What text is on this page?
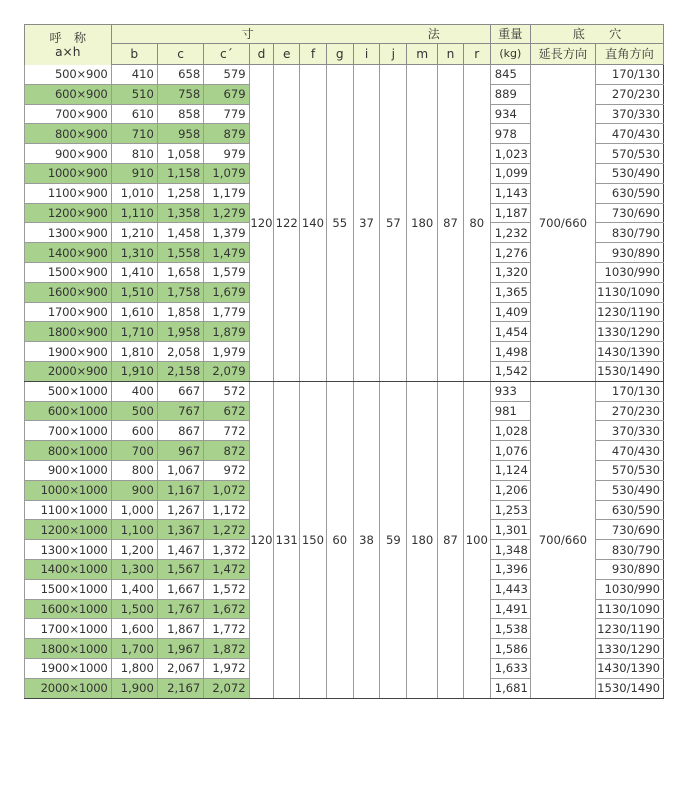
呼　称
a×h	寸 法												重量	底　　穴	
	b	c	c´	d	e	f	g	i	j	m	n	r	(kg)	延長方向	直角方向
500×900	410	658	579	120	122	140	55	37	57	180	87	80	845	700/660	170/130
600×900	510	758	679										889		270/230
700×900	610	858	779										934		370/330
800×900	710	958	879										978		470/430
900×900	810	1,058	979										1,023		570/530
1000×900	910	1,158	1,079										1,099		530/490
1100×900	1,010	1,258	1,179										1,143		630/590
1200×900	1,110	1,358	1,279										1,187		730/690
1300×900	1,210	1,458	1,379										1,232		830/790
1400×900	1,310	1,558	1,479										1,276		930/890
1500×900	1,410	1,658	1,579										1,320		1030/990
1600×900	1,510	1,758	1,679										1,365		1130/1090
1700×900	1,610	1,858	1,779										1,409		1230/1190
1800×900	1,710	1,958	1,879										1,454		1330/1290
1900×900	1,810	2,058	1,979										1,498		1430/1390
2000×900	1,910	2,158	2,079										1,542		1530/1490
500×1000	400	667	572	120	131	150	60	38	59	180	87	100	933	700/660	170/130
600×1000	500	767	672										981		270/230
700×1000	600	867	772										1,028		370/330
800×1000	700	967	872										1,076		470/430
900×1000	800	1,067	972										1,124		570/530
1000×1000	900	1,167	1,072										1,206		530/490
1100×1000	1,000	1,267	1,172										1,253		630/590
1200×1000	1,100	1,367	1,272										1,301		730/690
1300×1000	1,200	1,467	1,372										1,348		830/790
1400×1000	1,300	1,567	1,472										1,396		930/890
1500×1000	1,400	1,667	1,572										1,443		1030/990
1600×1000	1,500	1,767	1,672										1,491		1130/1090
1700×1000	1,600	1,867	1,772										1,538		1230/1190
1800×1000	1,700	1,967	1,872										1,586		1330/1290
1900×1000	1,800	2,067	1,972										1,633		1430/1390
2000×1000	1,900	2,167	2,072										1,681		1530/1490
